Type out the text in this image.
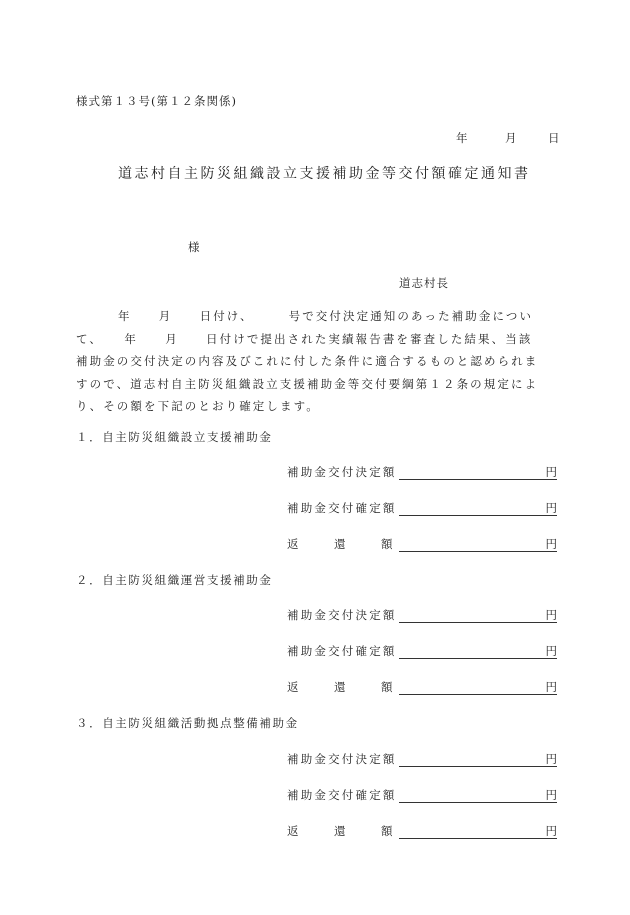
様式第１３号(第１２条関係)
年	月	日
道志村自主防災組織設立支援補助金等交付額確定通知書
様
道志村長
年　　月　　日付け、　　　号で交付決定通知のあった補助金につい
て、　　年　　月　　日付けで提出された実績報告書を審査した結果、当該
補助金の交付決定の内容及びこれに付した条件に適合するものと認められま
すので、道志村自主防災組織設立支援補助金等交付要綱第１２条の規定によ
り、その額を下記のとおり確定します。
１．自主防災組織設立支援補助金
補助金交付決定額	円
補助金交付確定額	円
返	還	額	円
２．自主防災組織運営支援補助金
補助金交付決定額	円
補助金交付確定額	円
返	還	額	円
３．自主防災組織活動拠点整備補助金
補助金交付決定額	円
補助金交付確定額	円
返	還	額	円
